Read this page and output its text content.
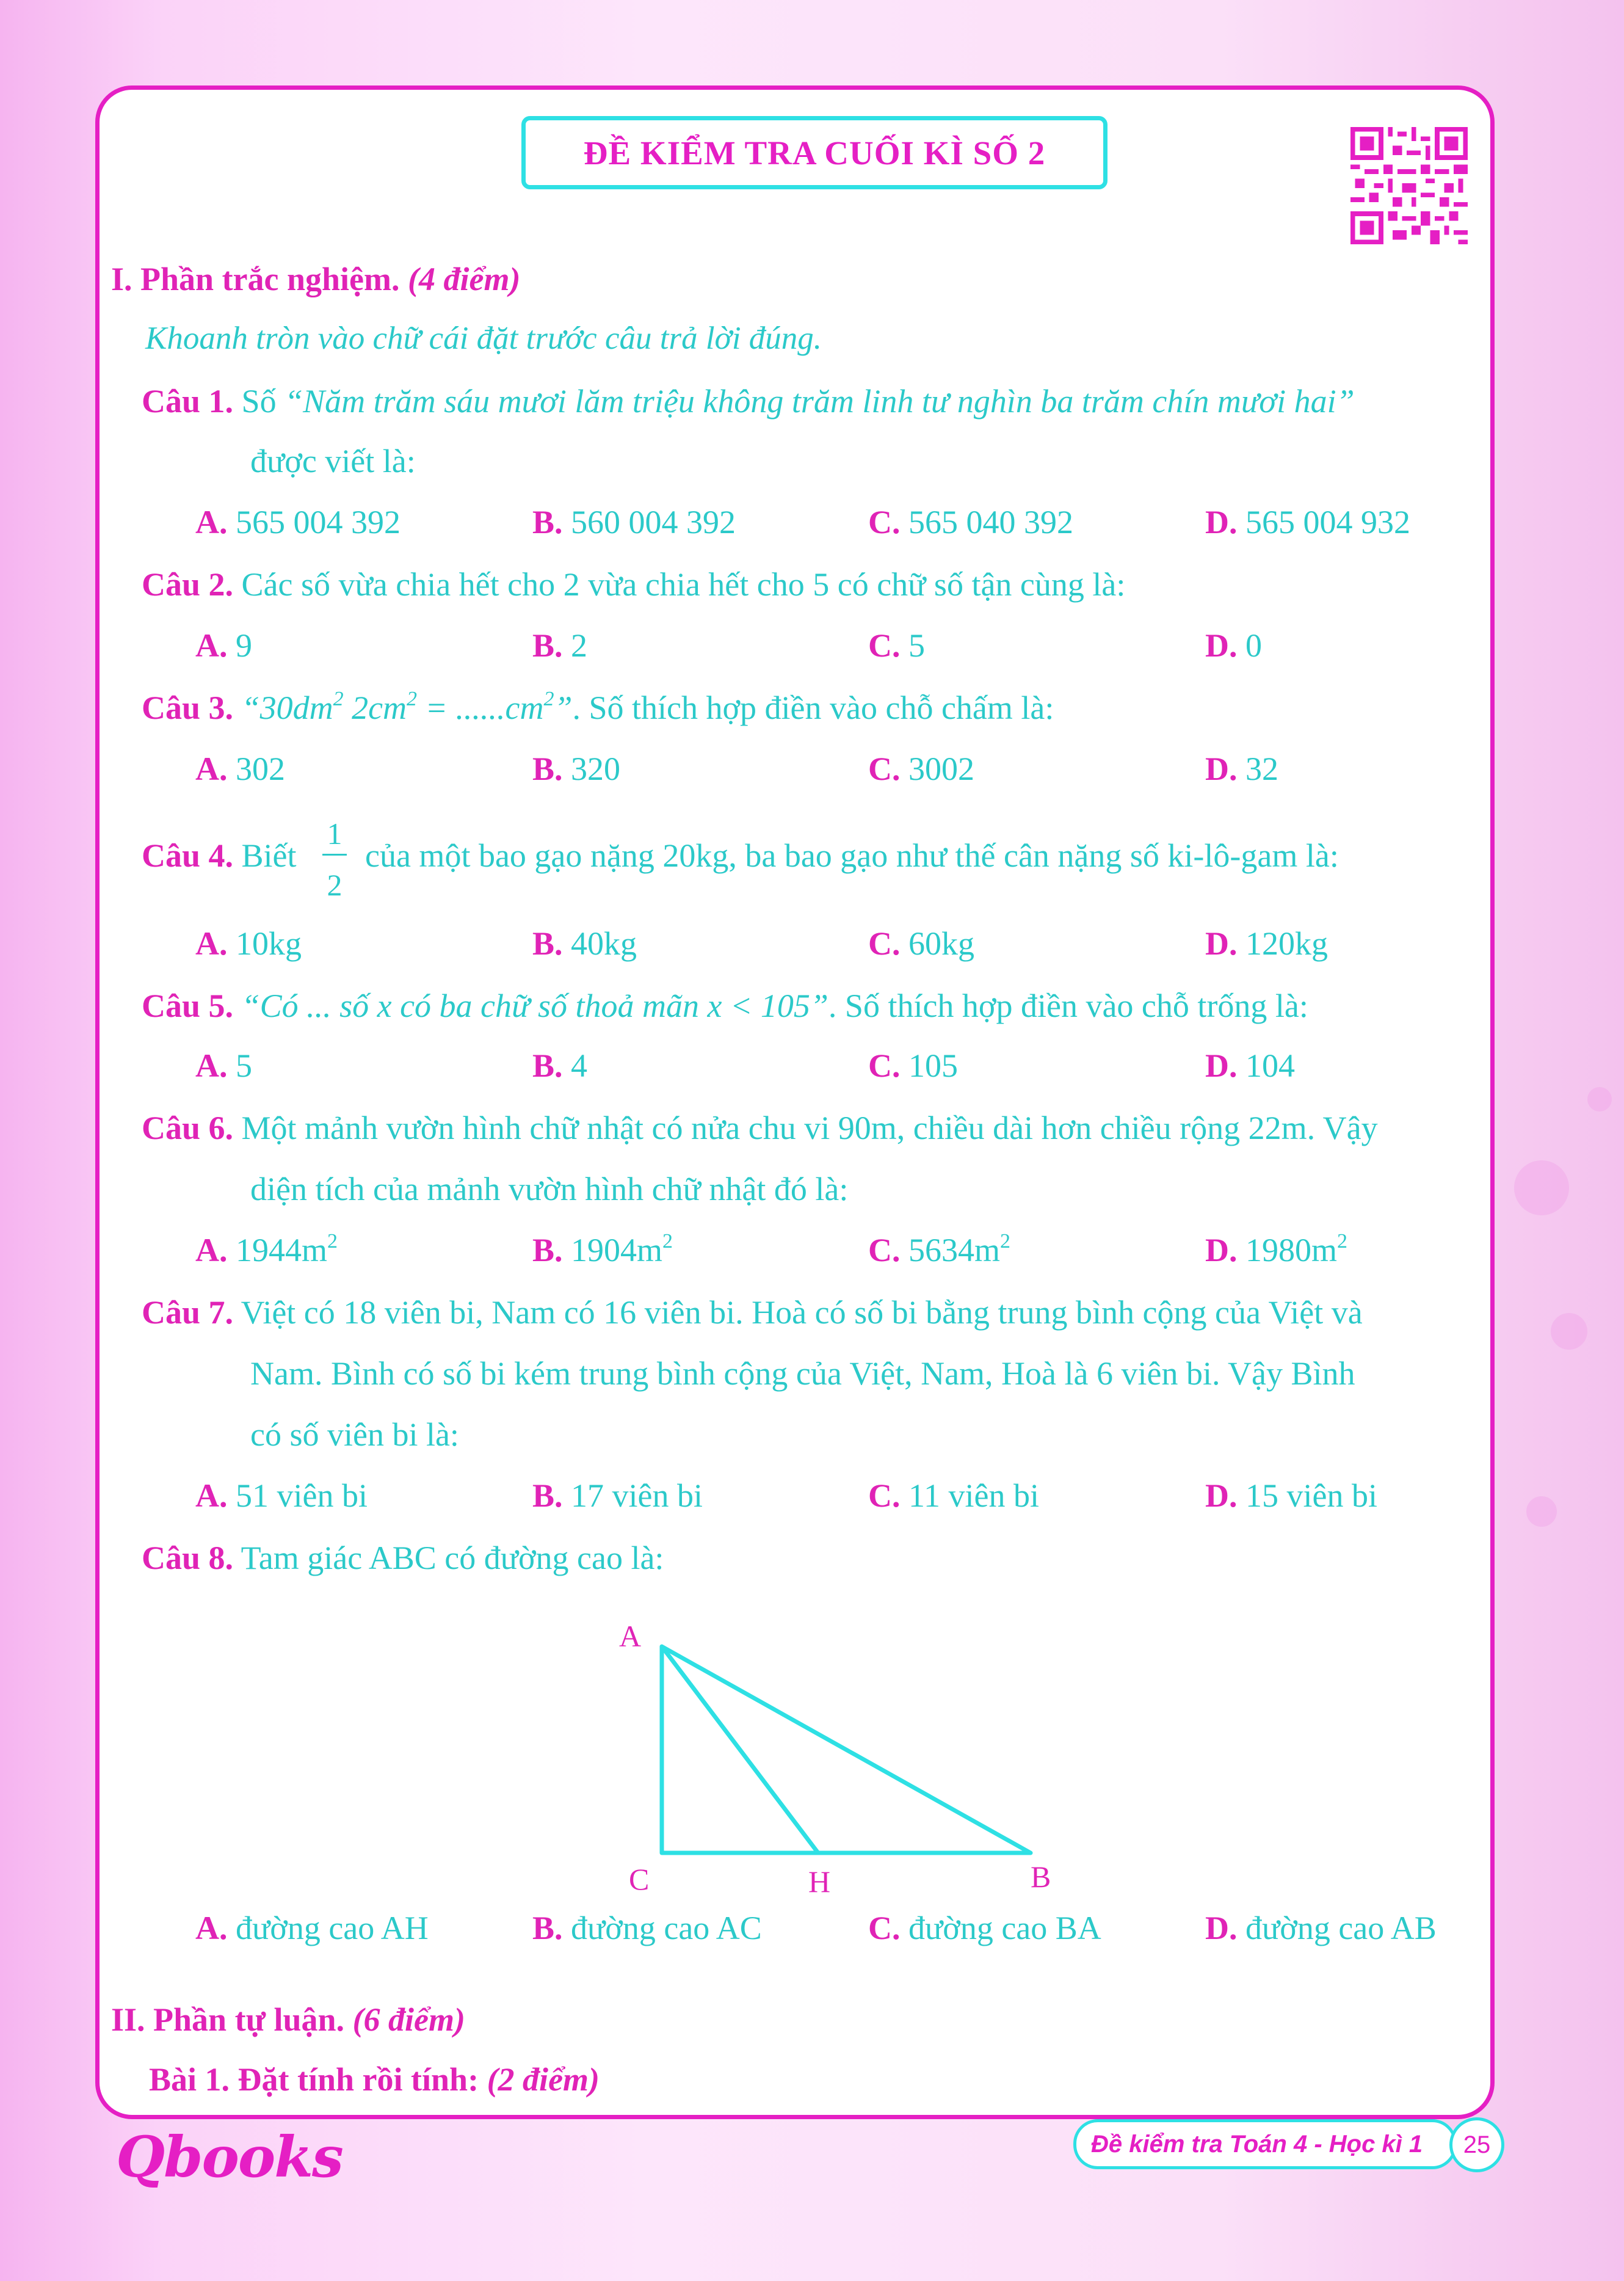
ĐỀ KIỂM TRA CUỐI KÌ SỐ 2
I. Phần trắc nghiệm. (4 điểm)
Khoanh tròn vào chữ cái đặt trước câu trả lời đúng.
Câu 1. Số “Năm trăm sáu mươi lăm triệu không trăm linh tư nghìn ba trăm chín mươi hai”
được viết là:
A. 565 004 392	B. 560 004 392	C. 565 040 392	D. 565 004 932
Câu 2. Các số vừa chia hết cho 2 vừa chia hết cho 5 có chữ số tận cùng là:
A. 9	B. 2	C. 5	D. 0
Câu 3. “$30dm^2$ $2cm^2 = ......cm^2$”. Số thích hợp điền vào chỗ chấm là:
A. 302	B. 320	C. 3002	D. 32
Câu 4. Biết
1
2
của một bao gạo nặng 20kg, ba bao gạo như thế cân nặng số ki-lô-gam là:
A. 10kg	B. 40kg	C. 60kg	D. 120kg
Câu 5. “Có ... số x có ba chữ số thoả mãn x < 105”. Số thích hợp điền vào chỗ trống là:
A. 5	B. 4	C. 105	D. 104
Câu 6. Một mảnh vườn hình chữ nhật có nửa chu vi 90m, chiều dài hơn chiều rộng 22m. Vậy
diện tích của mảnh vườn hình chữ nhật đó là:
A. $1944m^2$	B. $1904m^2$	C. $5634m^2$	D. $1980m^2$
Câu 7. Việt có 18 viên bi, Nam có 16 viên bi. Hoà có số bi bằng trung bình cộng của Việt và
Nam. Bình có số bi kém trung bình cộng của Việt, Nam, Hoà là 6 viên bi. Vậy Bình
có số viên bi là:
A. 51 viên bi	B. 17 viên bi	C. 11 viên bi	D. 15 viên bi
Câu 8. Tam giác ABC có đường cao là:
A
C	H	B
A. đường cao AH	B. đường cao AC	C. đường cao BA	D. đường cao AB
II. Phần tự luận. (6 điểm)
Bài 1. Đặt tính rồi tính: (2 điểm)
Qbooks	Đề kiểm tra Toán 4 - Học kì 1 25
